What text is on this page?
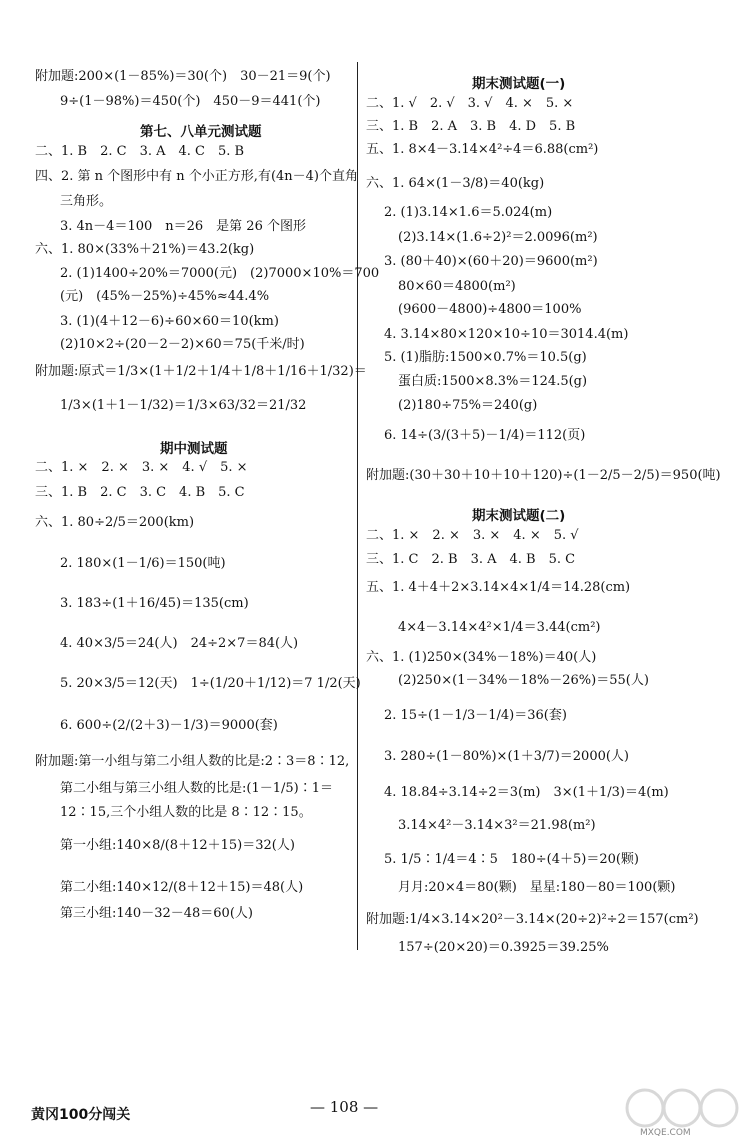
附加题:200×(1－85%)＝30(个)　30－21＝9(个)
9÷(1－98%)＝450(个)　450－9＝441(个)
第七、八单元测试题
二、1. B　2. C　3. A　4. C　5. B
四、2. 第 n 个图形中有 n 个小正方形,有(4n－4)个直角
三角形。
3. 4n－4＝100　n＝26　是第 26 个图形
六、1. 80×(33%＋21%)＝43.2(kg)
2. (1)1400÷20%＝7000(元)　(2)7000×10%＝700
(元)　(45%－25%)÷45%≈44.4%
3. (1)(4＋12－6)÷60×60＝10(km)
(2)10×2÷(20－2－2)×60＝75(千米/时)
附加题:原式＝1/3×(1＋1/2＋1/4＋1/8＋1/16＋1/32)＝
1/3×(1＋1－1/32)＝1/3×63/32＝21/32
期中测试题
二、1. ×　2. ×　3. ×　4. √　5. ×
三、1. B　2. C　3. C　4. B　5. C
六、1. 80÷2/5＝200(km)
2. 180×(1－1/6)＝150(吨)
3. 183÷(1＋16/45)＝135(cm)
4. 40×3/5＝24(人)　24÷2×7＝84(人)
5. 20×3/5＝12(天)　1÷(1/20＋1/12)＝7 1/2(天)
6. 600÷(2/(2＋3)－1/3)＝9000(套)
附加题:第一小组与第二小组人数的比是:2∶3＝8∶12,
第二小组与第三小组人数的比是:(1－1/5)∶1＝
12∶15,三个小组人数的比是 8∶12∶15。
第一小组:140×8/(8＋12＋15)＝32(人)
第二小组:140×12/(8＋12＋15)＝48(人)
第三小组:140－32－48＝60(人)
期末测试题(一)
二、1. √　2. √　3. √　4. ×　5. ×
三、1. B　2. A　3. B　4. D　5. B
五、1. 8×4－3.14×4²÷4＝6.88(cm²)
六、1. 64×(1－3/8)＝40(kg)
2. (1)3.14×1.6＝5.024(m)
(2)3.14×(1.6÷2)²＝2.0096(m²)
3. (80＋40)×(60＋20)＝9600(m²)
80×60＝4800(m²)
(9600－4800)÷4800＝100%
4. 3.14×80×120×10÷10＝3014.4(m)
5. (1)脂肪:1500×0.7%＝10.5(g)
蛋白质:1500×8.3%＝124.5(g)
(2)180÷75%＝240(g)
6. 14÷(3/(3＋5)－1/4)＝112(页)
附加题:(30＋30＋10＋10＋120)÷(1－2/5－2/5)＝950(吨)
期末测试题(二)
二、1. ×　2. ×　3. ×　4. ×　5. √
三、1. C　2. B　3. A　4. B　5. C
五、1. 4＋4＋2×3.14×4×1/4＝14.28(cm)
4×4－3.14×4²×1/4＝3.44(cm²)
六、1. (1)250×(34%－18%)＝40(人)
(2)250×(1－34%－18%－26%)＝55(人)
2. 15÷(1－1/3－1/4)＝36(套)
3. 280÷(1－80%)×(1＋3/7)＝2000(人)
4. 18.84÷3.14÷2＝3(m)　3×(1＋1/3)＝4(m)
3.14×4²－3.14×3²＝21.98(m²)
5. 1/5∶1/4＝4∶5　180÷(4＋5)＝20(颗)
月月:20×4＝80(颗)　星星:180－80＝100(颗)
附加题:1/4×3.14×20²－3.14×(20÷2)²÷2＝157(cm²)
157÷(20×20)＝0.3925＝39.25%
黄冈100分闯关	— 108 —
MXQE.COM
